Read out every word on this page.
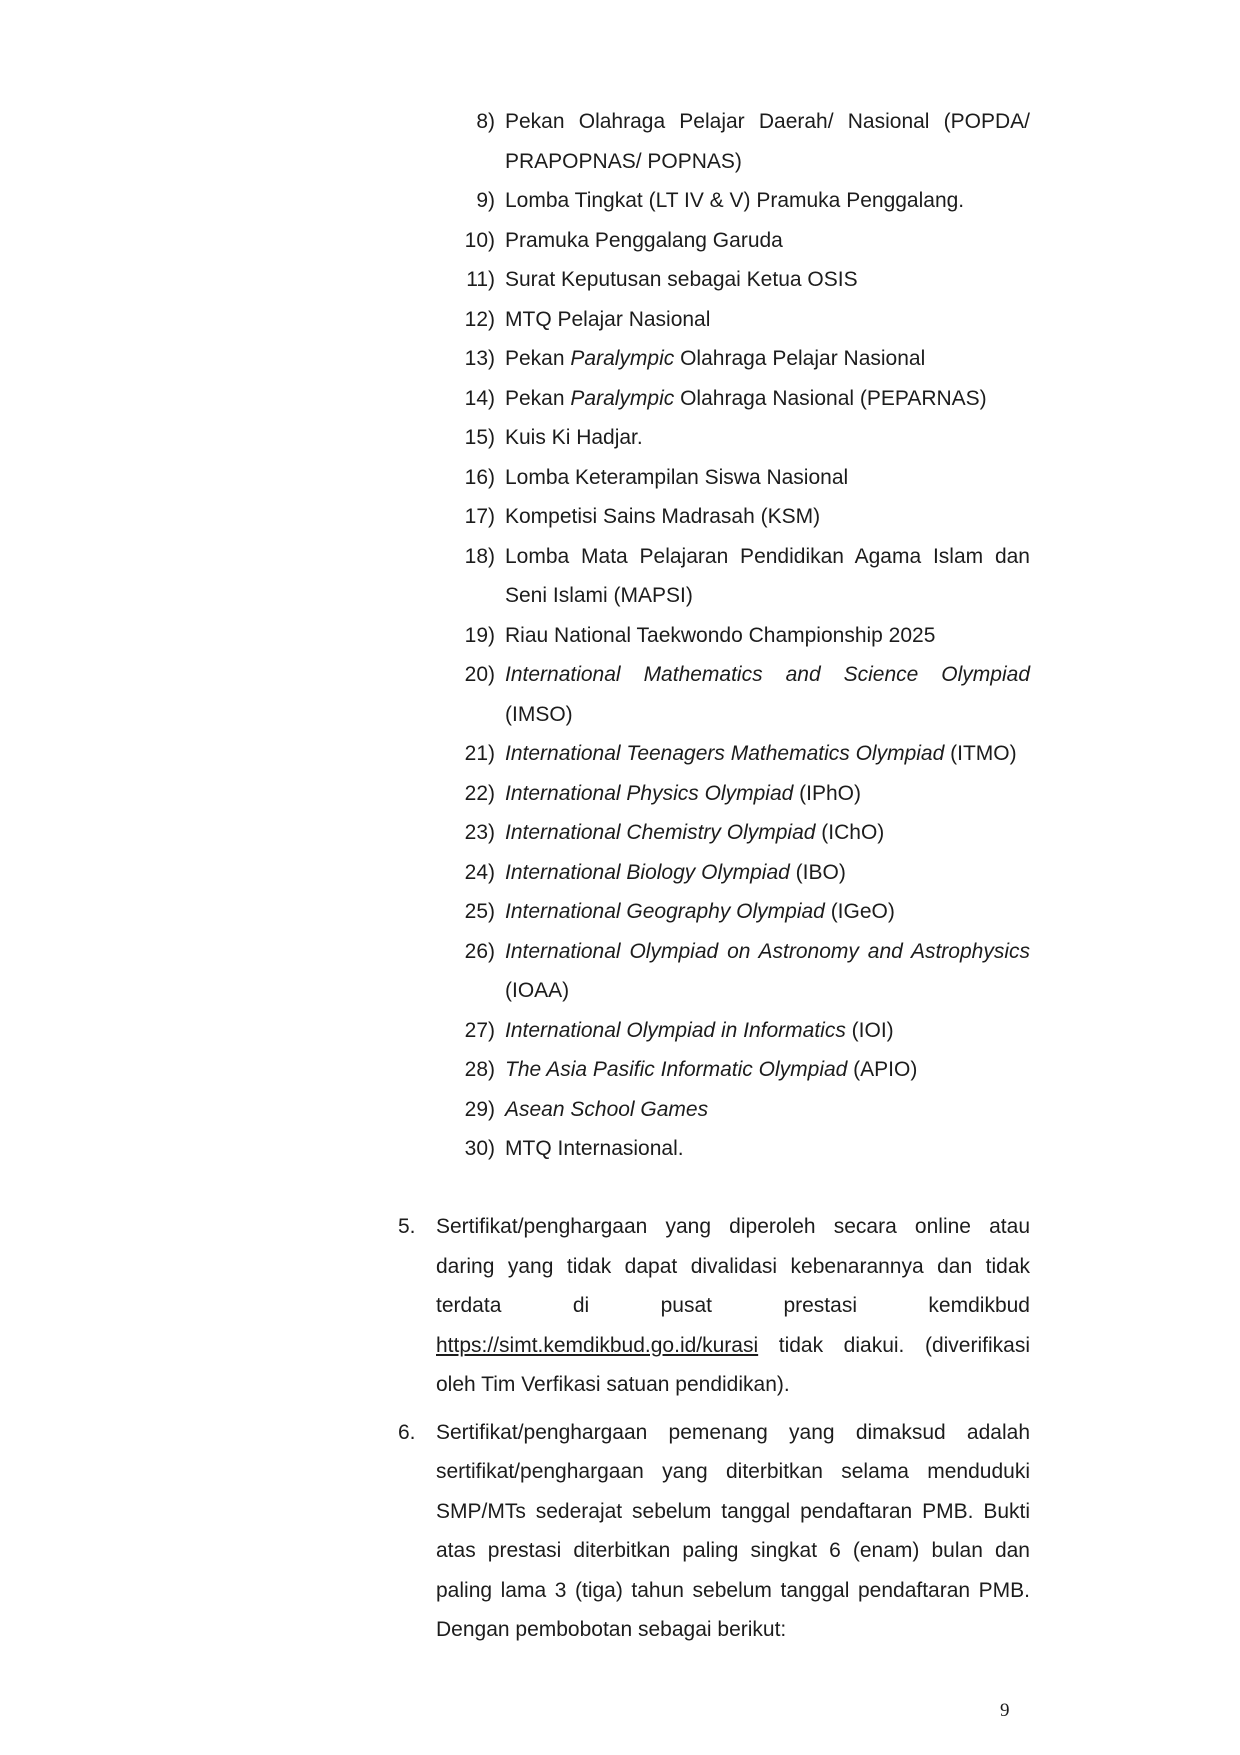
8) Pekan Olahraga Pelajar Daerah/ Nasional (POPDA/ PRAPOPNAS/ POPNAS)
9) Lomba Tingkat (LT IV & V) Pramuka Penggalang.
10) Pramuka Penggalang Garuda
11) Surat Keputusan sebagai Ketua OSIS
12) MTQ Pelajar Nasional
13) Pekan Paralympic Olahraga Pelajar Nasional
14) Pekan Paralympic Olahraga Nasional (PEPARNAS)
15) Kuis Ki Hadjar.
16) Lomba Keterampilan Siswa Nasional
17) Kompetisi Sains Madrasah (KSM)
18) Lomba Mata Pelajaran Pendidikan Agama Islam dan Seni Islami (MAPSI)
19) Riau National Taekwondo Championship 2025
20) International Mathematics and Science Olympiad (IMSO)
21) International Teenagers Mathematics Olympiad (ITMO)
22) International Physics Olympiad (IPhO)
23) International Chemistry Olympiad (IChO)
24) International Biology Olympiad (IBO)
25) International Geography Olympiad (IGeO)
26) International Olympiad on Astronomy and Astrophysics (IOAA)
27) International Olympiad in Informatics (IOI)
28) The Asia Pasific Informatic Olympiad (APIO)
29) Asean School Games
30) MTQ Internasional.
5. Sertifikat/penghargaan yang diperoleh secara online atau daring yang tidak dapat divalidasi kebenarannya dan tidak terdata di pusat prestasi kemdikbud https://simt.kemdikbud.go.id/kurasi tidak diakui. (diverifikasi oleh Tim Verfikasi satuan pendidikan).
6. Sertifikat/penghargaan pemenang yang dimaksud adalah sertifikat/penghargaan yang diterbitkan selama menduduki SMP/MTs sederajat sebelum tanggal pendaftaran PMB. Bukti atas prestasi diterbitkan paling singkat 6 (enam) bulan dan paling lama 3 (tiga) tahun sebelum tanggal pendaftaran PMB. Dengan pembobotan sebagai berikut:
9
